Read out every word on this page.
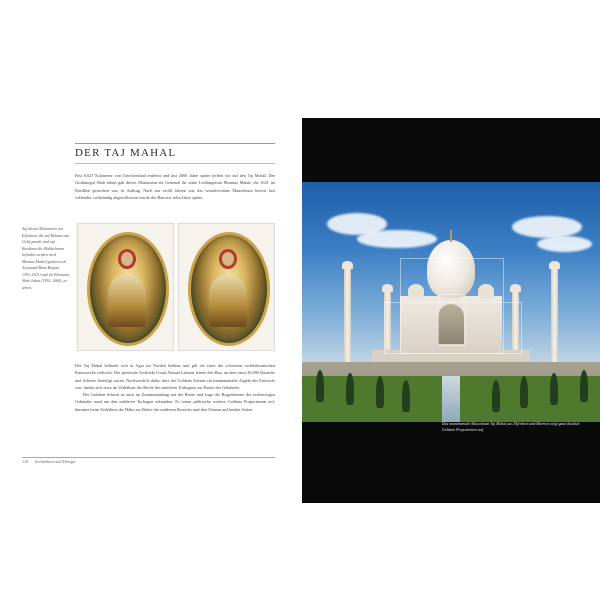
DER TAJ MAHAL

Fast 6.627 Kilometer von Griechenland entfernt und fast 2000 Jahre später treffen wir auf den Taj Mahal. Der Großmogul Shah Jahan gab dieses Monument als Grabmal für seine Lieblingsfrau Mumtaz Mahal, die 1631 im Kindbett gestorben war, in Auftrag. Nach nur zwölf Jahren war das wunderschöne Mausoleum bereits fast vollendet, vollständig abgeschlossen wurde der Bau erst zehn Jahre später.

Auf diesen Miniaturen von Eifenbein, die auf Rahmen mit Gold gemalt sind auf Bordüren die Mahlschönen befinden werden wird. Mumtaz Mahal (geboren als Arjumand Banu Begum, 1593–1631) und ihr Ehemann, Shah Jahan (1592–1666), zu sehen.

Der Taj Mahal befindet sich in Agra im Norden Indiens und gilt als eines der schönsten architektonischen Kunstwerke weltweit. Der persische Architekt Ustad Ahmad Lahauri leitete den Bau, an dem etwa 20.000 Künstler und Arbeiter beteiligt waren. Nachweislich dafür, dass der Goldene Schnitt ein fundamentaler Aspekt des Entwurfs war, finden sich etwa im Verhältnis der Breite des mittleren Torbogens zur Breite des Gebäudes.

Der Goldene Schnitt ist auch im Zusammenhang mit der Breite und Lage der Bogenfenster des rechteckigen Gebäudes rund um den mittleren Torbogen erkennbar. Es treten zahlreiche weitere Goldene Proportionen auf, darunter beim Verhältnis der Höhe zur Breite des mittleren Bereichs und den Türmen auf beiden Seiten.

110 Architektur und Design
Das monumentale Mausoleum Taj Mahal aus Elfenbein und Marmor zeigt ganz deutlich Goldene Proportionen auf.
